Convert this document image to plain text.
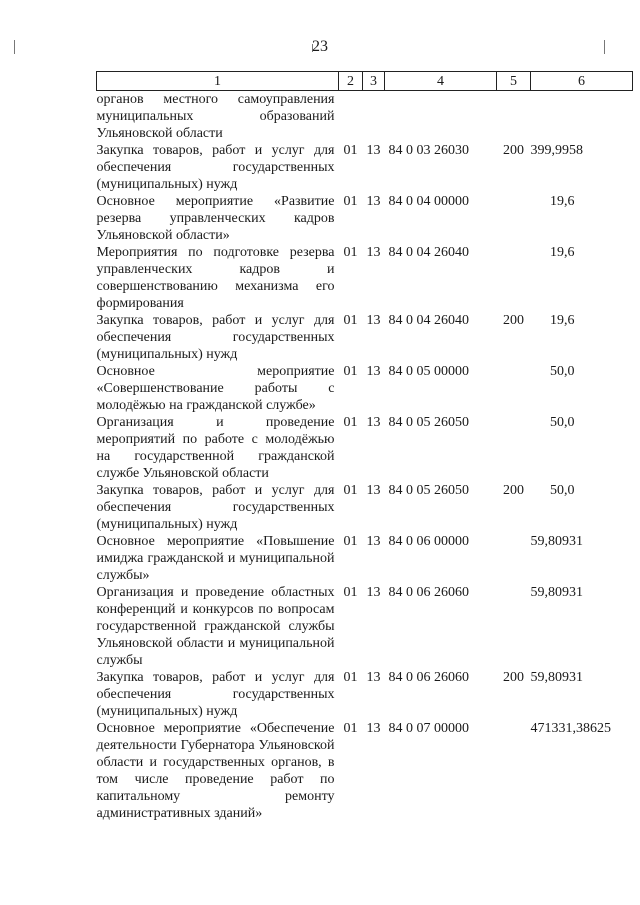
23
1	2	3	4	5	6
органов местного самоуправления муниципальных образований Ульяновской области					
Закупка товаров, работ и услуг для обеспечения государственных (муниципальных) нужд	01	13	84 0 03 26030	200	399,9958
Основное мероприятие «Развитие резерва управленческих кадров Ульяновской области»	01	13	84 0 04 00000		19,6
Мероприятия по подготовке резерва управленческих кадров и совершенствованию механизма его формирования	01	13	84 0 04 26040		19,6
Закупка товаров, работ и услуг для обеспечения государственных (муниципальных) нужд	01	13	84 0 04 26040	200	19,6
Основное мероприятие «Совершенствование работы с молодёжью на гражданской службе»	01	13	84 0 05 00000		50,0
Организация и проведение мероприятий по работе с молодёжью на государственной гражданской службе Ульяновской области	01	13	84 0 05 26050		50,0
Закупка товаров, работ и услуг для обеспечения государственных (муниципальных) нужд	01	13	84 0 05 26050	200	50,0
Основное мероприятие «Повышение имиджа гражданской и муниципальной службы»	01	13	84 0 06 00000		59,80931
Организация и проведение областных конференций и конкурсов по вопросам государственной гражданской службы Ульяновской области и муниципальной службы	01	13	84 0 06 26060		59,80931
Закупка товаров, работ и услуг для обеспечения государственных (муниципальных) нужд	01	13	84 0 06 26060	200	59,80931
Основное мероприятие «Обеспечение деятельности Губернатора Ульяновской области и государственных органов, в том числе проведение работ по капитальному ремонту административных зданий»	01	13	84 0 07 00000		471331,38625
